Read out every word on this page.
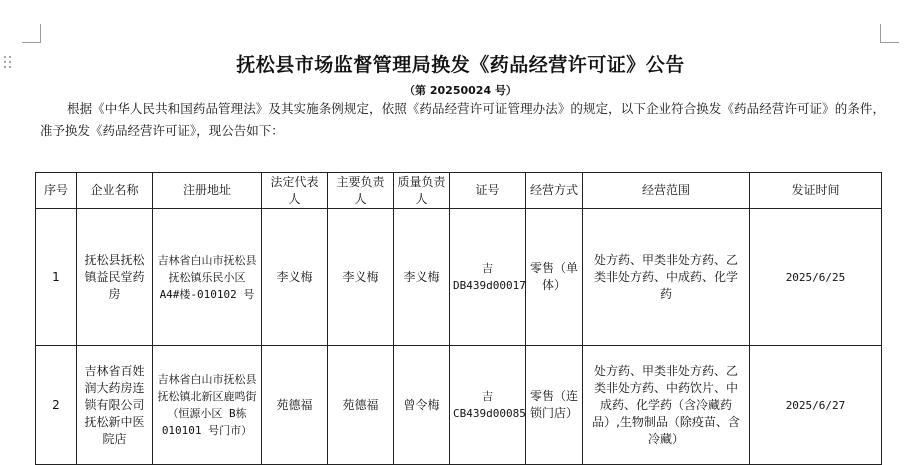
抚松县市场监督管理局换发《药品经营许可证》公告
（第 20250024 号）
根据《中华人民共和国药品管理法》及其实施条例规定，依照《药品经营许可证管理办法》的规定，以下企业符合换发《药品经营许可证》的条件，准予换发《药品经营许可证》，现公告如下：
序号	企业名称	注册地址	法定代表人	主要负责人	质量负责人	证号	经营方式	经营范围	发证时间
1	抚松县抚松镇益民堂药房	吉林省白山市抚松县抚松镇乐民小区 A4#楼-010102 号	李义梅	李义梅	李义梅	吉DB439d00017	零售（单体）	处方药、甲类非处方药、乙类非处方药、中成药、化学药	2025/6/25
2	吉林省百姓润大药房连锁有限公司抚松新中医院店	吉林省白山市抚松县抚松镇北新区鹿鸣街（恒源小区 B栋010101 号门市）	苑德福	苑德福	曾令梅	吉CB439d00085	零售（连锁门店）	处方药、甲类非处方药、乙类非处方药、中药饮片、中成药、化学药（含冷藏药品）,生物制品（除疫苗、含冷藏）	2025/6/27
